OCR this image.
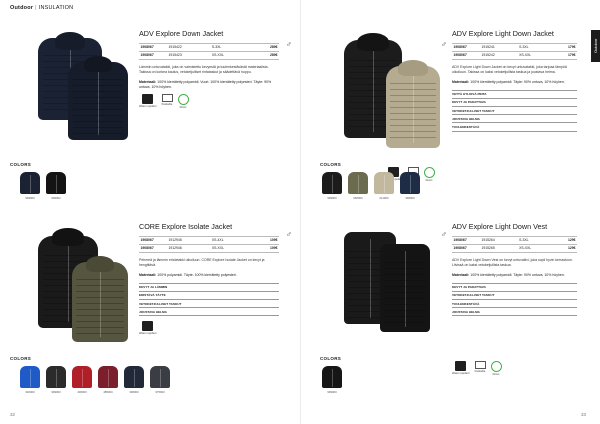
Outdoor | INSULATION
Outdoor
♂
ADV Explore Down Jacket
1908067	1915422	S-3XL	289€
1908067	1915423	XS-XXL	289€

Lämmin untuvatakki, joka on valmistettu kevyestä ja tuulenkestävästä materiaalista. Takissa on korkea kaulus, vetoketjulliset rintataskut ja säädettävä huppu.

Materiaali: 100% kierrätetty polyamidi. Vuori: 100% kierrätetty polyesteri. Täyte: 90% untuva, 10% höyhen.

Water repellent
Packable
Down
COLORS
999000	999002
♂
ADV Explore Light Down Jacket
1908067	1915241	S-3XL	179€
1908067	1915242	XS-XXL	179€

ADV Explore Light Down Jacket on kevyt untuvatakki, joka tarjoaa lämpöä ulkoiluun. Takissa on kaksi vetoketjullista taskua ja joustava helma.

Materiaali: 100% kierrätetty polyamidi. Täyte: 90% untuva, 10% höyhen.

VETTÄ HYLKIVÄ PINTA
KEVYT JA PAKATTAVA
VETOKETJULLISET TASKUT
JOUSTAVA HELMA
TUULENKESTÄVÄ
COLORS
repellent	Down
999000	666000	211000	396000
♂
CORE Explore Isolate Jacket
1908067	1912945	XS-4XL	109€
1908067	1912946	XS-XXL	109€

Pehmeä ja lämmin eristetakki ulkoiluun. CORE Explore Isolate Jacket on kevyt ja hengittävä.

Materiaali: 100% polyamidi. Täyte: 100% kierrätetty polyesteri.

KEVYT JA LÄMMIN
ERISTÄVÄ TÄYTE
VETOKETJULLISET TASKUT
JOUSTAVA HELMA
Water repellent
COLORS
346000	999000	430000	485000	396000	975000
♂
ADV Explore Light Down Vest
1908067	1915264	S-3XL	129€
1908067	1915265	XS-XXL	129€

ADV Explore Light Down Vest on kevyt untuvaliivi, joka sopii hyvin kerrastoon. Liivissä on kaksi vetoketjullista taskua.

Materiaali: 100% kierrätetty polyamidi. Täyte: 90% untuva, 10% höyhen.

KEVYT JA PAKATTAVA
VETOKETJULLISET TASKUT
TUULENKESTÄVÄ
JOUSTAVA HELMA
COLORS
Water repellent
Packable
Down
999000
32	33
